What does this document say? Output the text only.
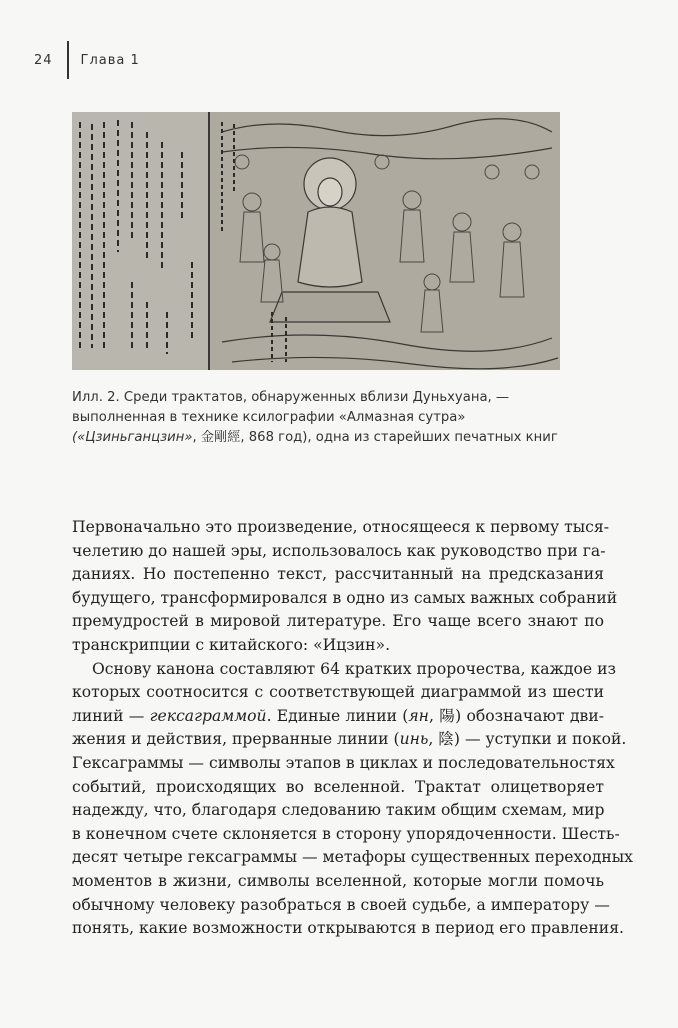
24 Глава 1

Илл. 2. Среди трактатов, обнаруженных вблизи Дуньхуана, —

выполненная в технике ксилографии «Алмазная сутра»

(«Цзиньганцзин», 金剛經, 868 год), одна из старейших печатных книг

Первоначально это произведение, относящееся к первому тыся-
челетию до нашей эры, использовалось как руководство при га-
даниях. Но постепенно текст, рассчитанный на предсказания
будущего, трансформировался в одно из самых важных собраний
премудростей в мировой литературе. Его чаще всего знают по
транскрипции с китайского: «Ицзин».

Основу канона составляют 64 кратких пророчества, каждое из
которых соотносится с соответствующей диаграммой из шести
линий — гексаграммой. Единые линии (ян, 陽) обозначают дви-
жения и действия, прерванные линии (инь, 陰) — уступки и покой.
Гексаграммы — символы этапов в циклах и последовательностях
событий, происходящих во вселенной. Трактат олицетворяет
надежду, что, благодаря следованию таким общим схемам, мир
в конечном счете склоняется в сторону упорядоченности. Шесть-
десят четыре гексаграммы — метафоры существенных переходных
моментов в жизни, символы вселенной, которые могли помочь
обычному человеку разобраться в своей судьбе, а императору —
понять, какие возможности открываются в период его правления.
